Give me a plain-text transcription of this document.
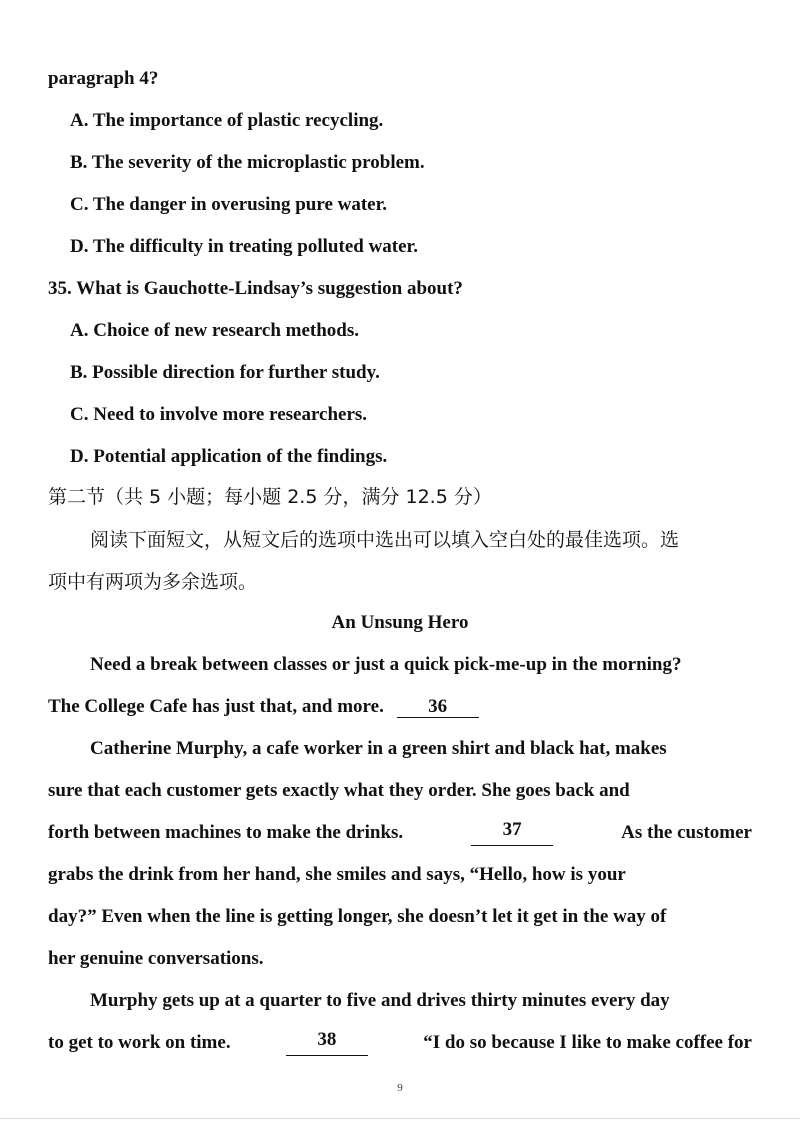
paragraph 4?
A. The importance of plastic recycling.
B. The severity of the microplastic problem.
C. The danger in overusing pure water.
D. The difficulty in treating polluted water.
35. What is Gauchotte-Lindsay’s suggestion about?
A. Choice of new research methods.
B. Possible direction for further study.
C. Need to involve more researchers.
D. Potential application of the findings.
第二节（共 5 小题；每小题 2.5 分，满分 12.5 分）
阅读下面短文，从短文后的选项中选出可以填入空白处的最佳选项。选
项中有两项为多余选项。
An Unsung Hero
Need a break between classes or just a quick pick-me-up in the morning?
The College Cafe has just that, and more. 36
Catherine Murphy, a cafe worker in a green shirt and black hat, makes
sure that each customer gets exactly what they order. She goes back and
forth between machines to make the drinks.	37	As the customer
grabs the drink from her hand, she smiles and says, “Hello, how is your
day?” Even when the line is getting longer, she doesn’t let it get in the way of
her genuine conversations.
Murphy gets up at a quarter to five and drives thirty minutes every day
to get to work on time.	38	“I do so because I like to make coffee for
9
